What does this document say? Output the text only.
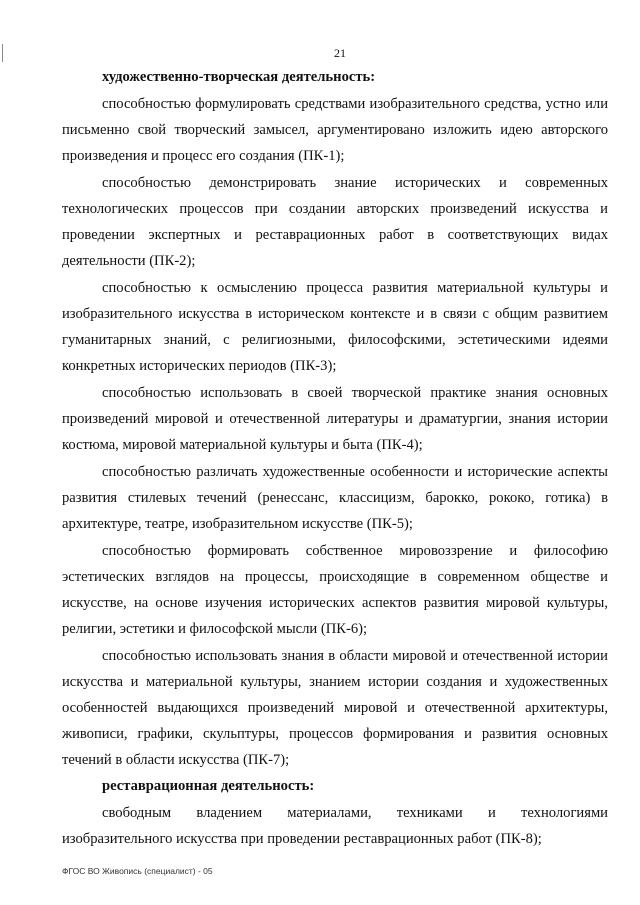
21

художественно-творческая деятельность:

способностью формулировать средствами изобразительного средства, устно или письменно свой творческий замысел, аргументировано изложить идею авторского произведения и процесс его создания (ПК-1);

способностью демонстрировать знание исторических и современных технологических процессов при создании авторских произведений искусства и проведении экспертных и реставрационных работ в соответствующих видах деятельности (ПК-2);

способностью к осмыслению процесса развития материальной культуры и изобразительного искусства в историческом контексте и в связи с общим развитием гуманитарных знаний, с религиозными, философскими, эстетическими идеями конкретных исторических периодов (ПК-3);

способностью использовать в своей творческой практике знания основных произведений мировой и отечественной литературы и драматургии, знания истории костюма, мировой материальной культуры и быта (ПК-4);

способностью различать художественные особенности и исторические аспекты развития стилевых течений (ренессанс, классицизм, барокко, рококо, готика) в архитектуре, театре, изобразительном искусстве (ПК-5);

способностью формировать собственное мировоззрение и философию эстетических взглядов на процессы, происходящие в современном обществе и искусстве, на основе изучения исторических аспектов развития мировой культуры, религии, эстетики и философской мысли (ПК-6);

способностью использовать знания в области мировой и отечественной истории искусства и материальной культуры, знанием истории создания и художественных особенностей выдающихся произведений мировой и отечественной архитектуры, живописи, графики, скульптуры, процессов формирования и развития основных течений в области искусства (ПК-7);

реставрационная деятельность:

свободным владением материалами, техниками и технологиями изобразительного искусства при проведении реставрационных работ (ПК-8);

ФГОС ВО Живопись (специалист) - 05
